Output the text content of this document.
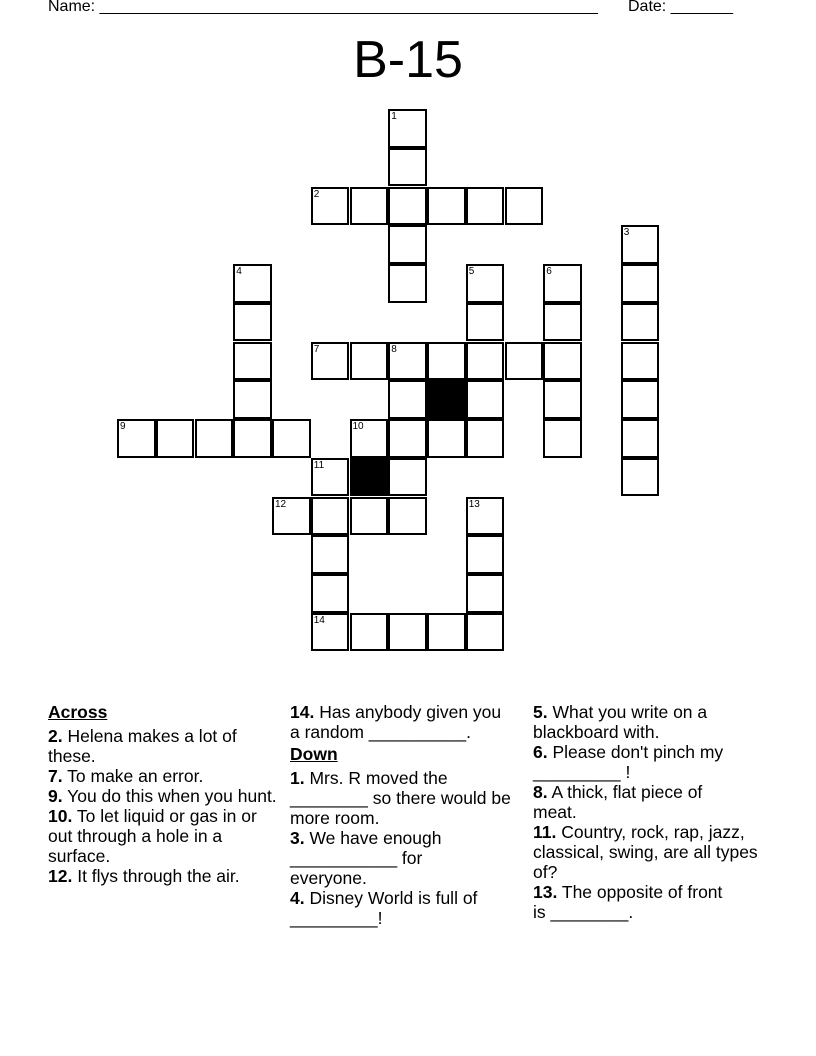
Name: ________________________________________________________ Date: _______
B-15
1
2
3
4	5	6
7	8
9	10
11
14
12	13
Across
2. Helena makes a lot of these.
7. To make an error.
9. You do this when you hunt.
10. To let liquid or gas in or out through a hole in a surface.
12. It flys through the air.
14. Has anybody given you a random __________.
Down
1. Mrs. R moved the ________ so there would be more room.
3. We have enough ___________ for everyone.
4. Disney World is full of _________!
5. What you write on a blackboard with.
6. Please don't pinch my _________ !
8. A thick, flat piece of meat.
11. Country, rock, rap, jazz, classical, swing, are all types of?
13. The opposite of front is ________.
